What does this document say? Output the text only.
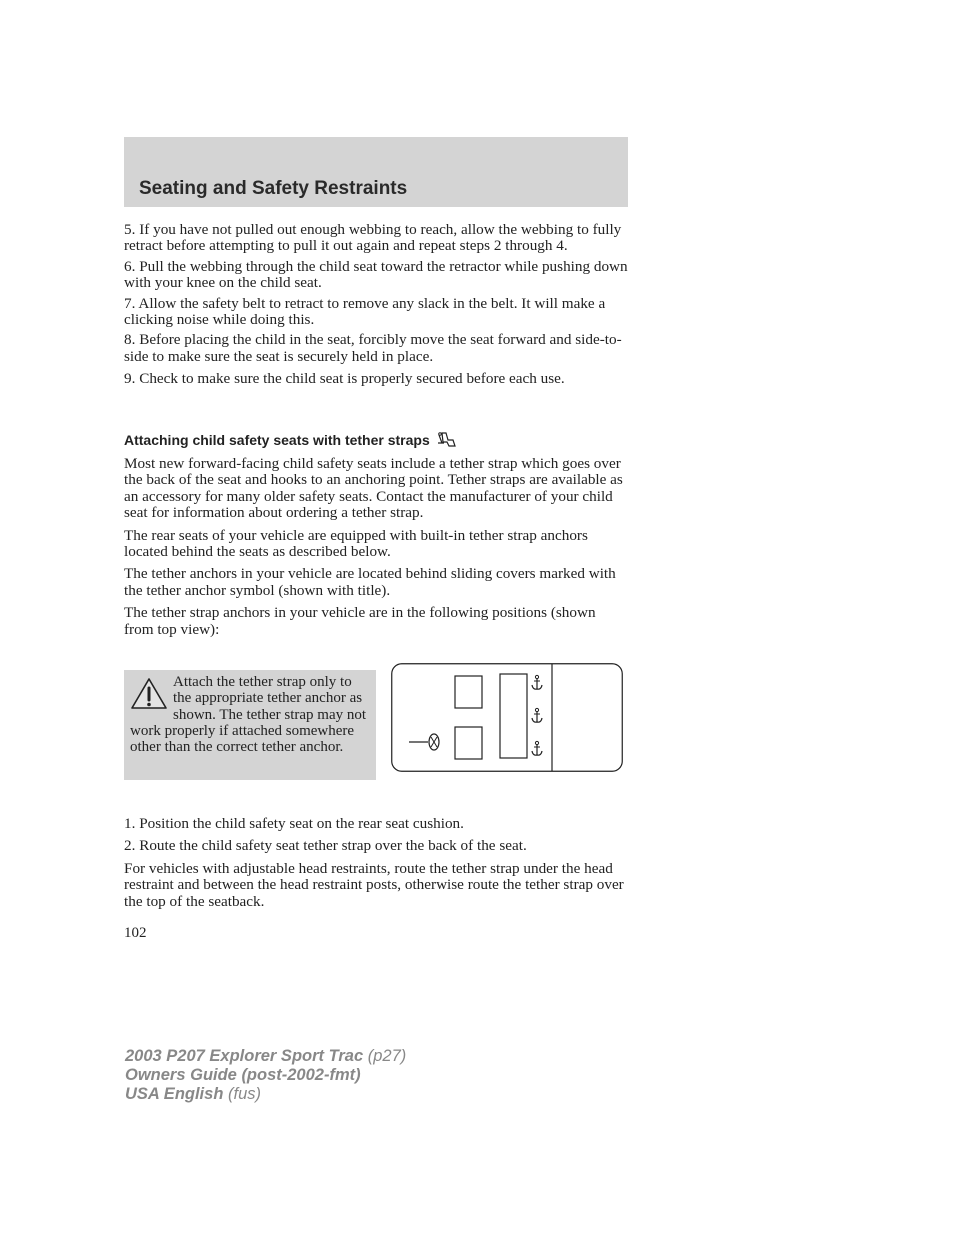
Seating and Safety Restraints

5. If you have not pulled out enough webbing to reach, allow the webbing to fully retract before attempting to pull it out again and repeat steps 2 through 4.

6. Pull the webbing through the child seat toward the retractor while pushing down with your knee on the child seat.

7. Allow the safety belt to retract to remove any slack in the belt. It will make a clicking noise while doing this.

8. Before placing the child in the seat, forcibly move the seat forward and side-to-side to make sure the seat is securely held in place.

9. Check to make sure the child seat is properly secured before each use.

Attaching child safety seats with tether straps

Most new forward-facing child safety seats include a tether strap which goes over the back of the seat and hooks to an anchoring point. Tether straps are available as an accessory for many older safety seats. Contact the manufacturer of your child seat for information about ordering a tether strap.

The rear seats of your vehicle are equipped with built-in tether strap anchors located behind the seats as described below.

The tether anchors in your vehicle are located behind sliding covers marked with the tether anchor symbol (shown with title).

The tether strap anchors in your vehicle are in the following positions (shown from top view):

Attach the tether strap only to the appropriate tether anchor as shown. The tether strap may not work properly if attached somewhere other than the correct tether anchor.

1. Position the child safety seat on the rear seat cushion.

2. Route the child safety seat tether strap over the back of the seat.

For vehicles with adjustable head restraints, route the tether strap under the head restraint and between the head restraint posts, otherwise route the tether strap over the top of the seatback.

102
2003 P207 Explorer Sport Trac (p27)
Owners Guide (post-2002-fmt)
USA English (fus)
